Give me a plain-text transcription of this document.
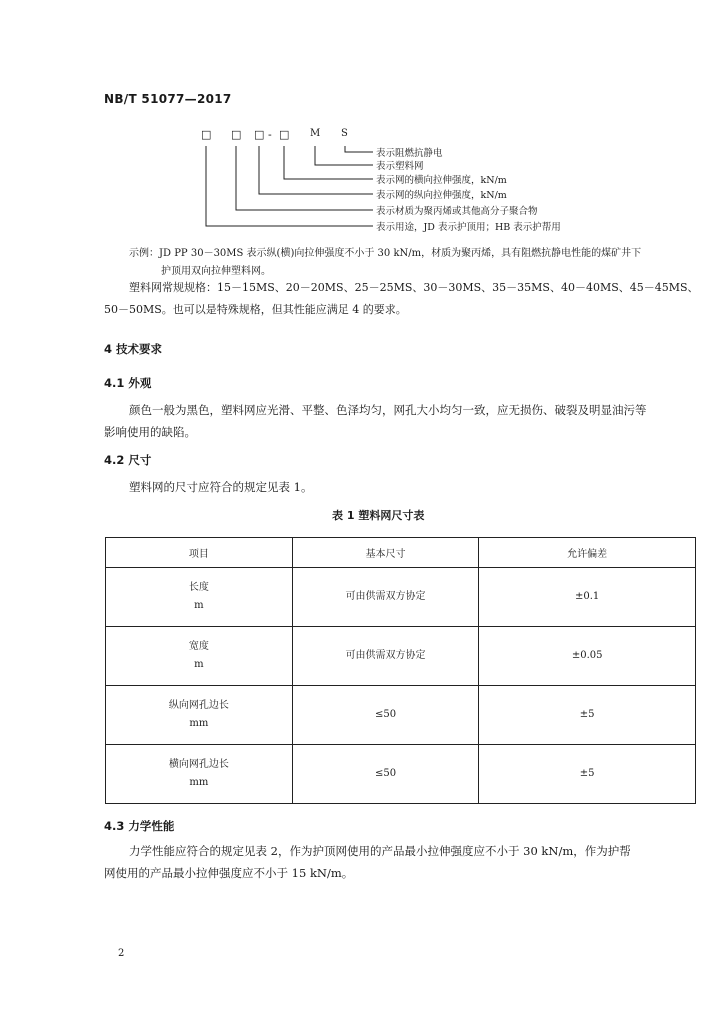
NB/T 51077—2017
□ □ □ - □ M S
表示阻燃抗静电
表示塑料网
表示网的横向拉伸强度，kN/m
表示网的纵向拉伸强度，kN/m
表示材质为聚丙烯或其他高分子聚合物
表示用途，JD 表示护顶用；HB 表示护帮用
示例：JD PP 30－30MS 表示纵(横)向拉伸强度不小于 30 kN/m，材质为聚丙烯，具有阻燃抗静电性能的煤矿井下
护顶用双向拉伸塑料网。
塑料网常规规格：15－15MS、20－20MS、25－25MS、30－30MS、35－35MS、40－40MS、45－45MS、
50－50MS。也可以是特殊规格，但其性能应满足 4 的要求。
4 技术要求
4.1 外观
颜色一般为黑色，塑料网应光滑、平整、色泽均匀，网孔大小均匀一致，应无损伤、破裂及明显油污等
影响使用的缺陷。
4.2 尺寸
塑料网的尺寸应符合的规定见表 1。
表 1 塑料网尺寸表
项目	基本尺寸	允许偏差

长度
m	可由供需双方协定	±0.1

宽度
m	可由供需双方协定	±0.05

纵向网孔边长
mm	≤50	±5

横向网孔边长
mm	≤50	±5
4.3 力学性能
力学性能应符合的规定见表 2，作为护顶网使用的产品最小拉伸强度应不小于 30 kN/m，作为护帮
网使用的产品最小拉伸强度应不小于 15 kN/m。
2
